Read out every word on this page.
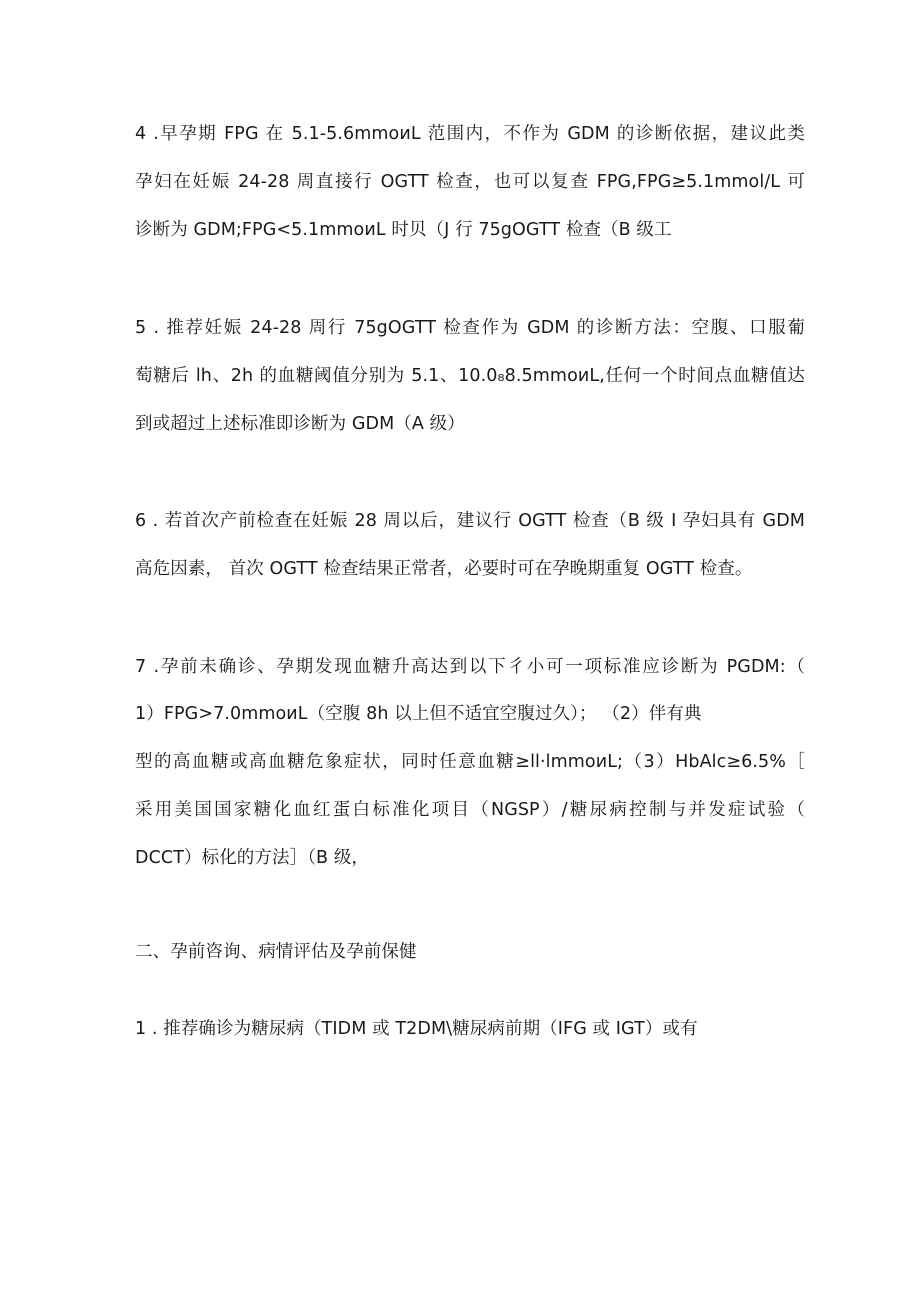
4 .早孕期 FPG 在 5.1-5.6mmoиL 范围内，不作为 GDM 的诊断依据，建议此类
孕妇在妊娠 24-28 周直接行 OGTT 检查，也可以复查 FPG,FPG≥5.1mmol/L 可
诊断为 GDM;FPG<5.1mmoиL 时贝（J 行 75gOGTT 检查（B 级工
5 . 推荐妊娠 24-28 周行 75gOGTT 检查作为 GDM 的诊断方法：空腹、口服葡
萄糖后 lh、2h 的血糖阈值分别为 5.1、10.0₈8.5mmoиL,任何一个时间点血糖值达
到或超过上述标准即诊断为 GDM（A 级）
6 . 若首次产前检查在妊娠 28 周以后，建议行 OGTT 检查（B 级 I 孕妇具有 GDM
高危因素， 首次 OGTT 检查结果正常者，必要时可在孕晚期重复 OGTT 检查。
7 .孕前未确诊、孕期发现血糖升高达到以下彳小可一项标准应诊断为 PGDM:（
1）FPG>7.0mmoиL（空腹 8h 以上但不适宜空腹过久）； （2）伴有典
型的高血糖或高血糖危象症状，同时任意血糖≥ll·lmmoиL;（3）HbAlc≥6.5%［
采用美国国家糖化血红蛋白标准化项目（NGSP）/糖尿病控制与并发症试验（
DCCT）标化的方法］（B 级，
二、孕前咨询、病情评估及孕前保健
1 . 推荐确诊为糖尿病（TIDM 或 T2DM\糖尿病前期（IFG 或 IGT）或有
